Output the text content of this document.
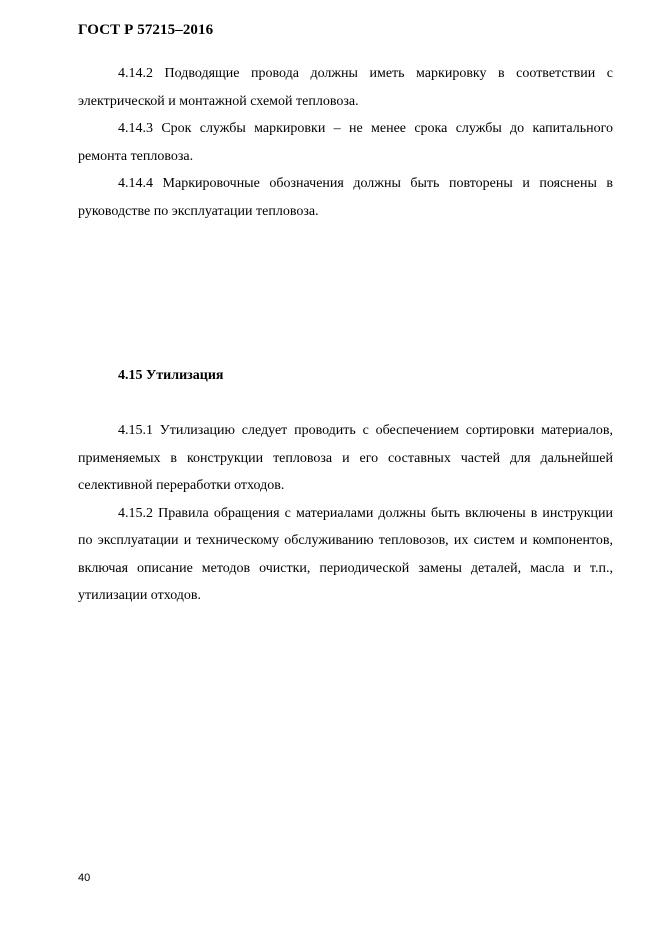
ГОСТ Р 57215–2016

4.14.2 Подводящие провода должны иметь маркировку в соответствии с электрической и монтажной схемой тепловоза.

4.14.3 Срок службы маркировки – не менее срока службы до капитального ремонта тепловоза.

4.14.4 Маркировочные обозначения должны быть повторены и пояснены в руководстве по эксплуатации тепловоза.

4.15 Утилизация

4.15.1 Утилизацию следует проводить с обеспечением сортировки материалов, применяемых в конструкции тепловоза и его составных частей для дальнейшей селективной переработки отходов.

4.15.2 Правила обращения с материалами должны быть включены в инструкции по эксплуатации и техническому обслуживанию тепловозов, их систем и компонентов, включая описание методов очистки, периодической замены деталей, масла и т.п., утилизации отходов.

40
